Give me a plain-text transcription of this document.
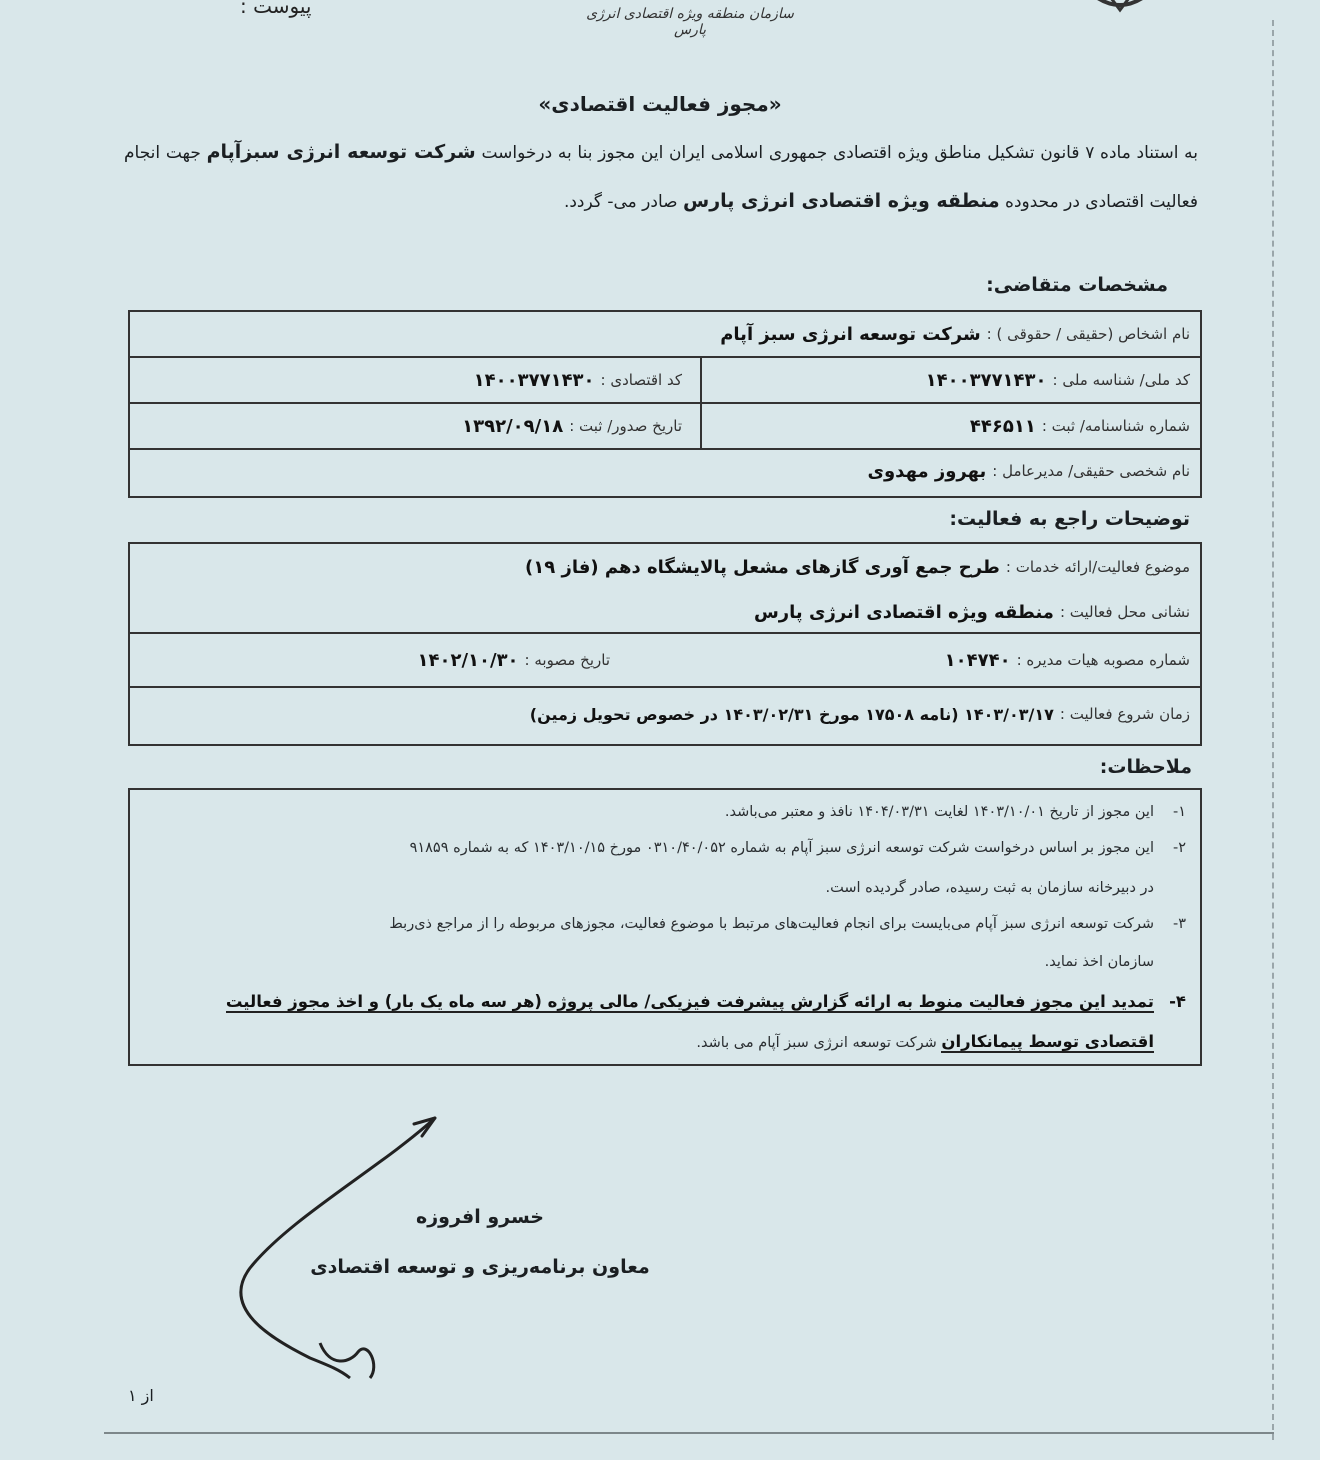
پیوست :	سازمان منطقه ویژه اقتصادی انرژی پارس
«مجوز فعالیت اقتصادی»
به استناد ماده ۷ قانون تشکیل مناطق ویژه اقتصادی جمهوری اسلامی ایران این مجوز بنا به درخواست شرکت توسعه انرژی سبزآپام جهت انجام فعالیت اقتصادی در محدوده منطقه ویژه اقتصادی انرژی پارس صادر می- گردد.
مشخصات متقاضی:
نام اشخاص (حقیقی / حقوقی ) :
شرکت توسعه انرژی سبز آپام
کد ملی/ شناسه ملی :
۱۴۰۰۳۷۷۱۴۳۰
کد اقتصادی :
۱۴۰۰۳۷۷۱۴۳۰
شماره شناسنامه/ ثبت :
۴۴۶۵۱۱
تاریخ صدور/ ثبت :
۱۳۹۲/۰۹/۱۸
نام شخصی حقیقی/ مدیرعامل :
بهروز مهدوی
توضیحات راجع به فعالیت:
موضوع فعالیت/ارائه خدمات :
طرح جمع آوری گازهای مشعل پالایشگاه دهم (فاز ۱۹)
نشانی محل فعالیت :
منطقه ویژه اقتصادی انرژی پارس
شماره مصوبه هیات مدیره :
۱۰۴۷۴۰
تاریخ مصوبه :
۱۴۰۲/۱۰/۳۰
زمان شروع فعالیت :
۱۴۰۳/۰۳/۱۷ (نامه ۱۷۵۰۸ مورخ ۱۴۰۳/۰۲/۳۱ در خصوص تحویل زمین)
ملاحظات:
۱-این مجوز از تاریخ ۱۴۰۳/۱۰/۰۱ لغایت ۱۴۰۴/۰۳/۳۱ نافذ و معتبر می‌باشد.
۲-این مجوز بر اساس درخواست شرکت توسعه انرژی سبز آپام به شماره ۰۳۱۰/۴۰/۰۵۲ مورخ ۱۴۰۳/۱۰/۱۵ که به شماره ۹۱۸۵۹
در دبیرخانه سازمان به ثبت رسیده، صادر گردیده است.
۳-شرکت توسعه انرژی سبز آپام می‌بایست برای انجام فعالیت‌های مرتبط با موضوع فعالیت، مجوزهای مربوطه را از مراجع ذی‌ربط
سازمان اخذ نماید.
۴-تمدید این مجوز فعالیت منوط به ارائه گزارش پیشرفت فیزیکی/ مالی پروژه (هر سه ماه یک بار) و اخذ مجوز فعالیت
اقتصادی توسط پیمانکاران شرکت توسعه انرژی سبز آپام می باشد.
خسرو افروزه
معاون برنامه‌ریزی و توسعه اقتصادی
از ۱
